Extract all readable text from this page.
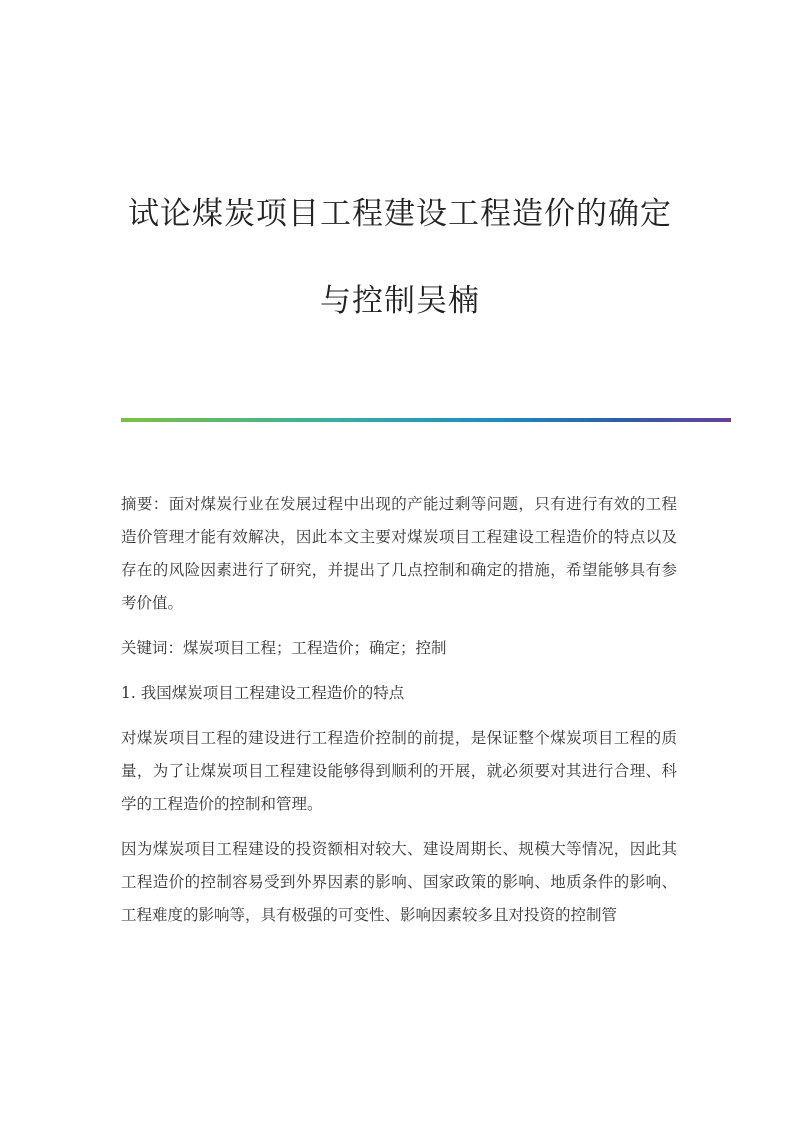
试论煤炭项目工程建设工程造价的确定
与控制吴楠

摘要：面对煤炭行业在发展过程中出现的产能过剩等问题，只有进行有效的工程造价管理才能有效解决，因此本文主要对煤炭项目工程建设工程造价的特点以及存在的风险因素进行了研究，并提出了几点控制和确定的措施，希望能够具有参考价值。

关键词：煤炭项目工程；工程造价；确定；控制

1. 我国煤炭项目工程建设工程造价的特点

对煤炭项目工程的建设进行工程造价控制的前提，是保证整个煤炭项目工程的质量，为了让煤炭项目工程建设能够得到顺利的开展，就必须要对其进行合理、科学的工程造价的控制和管理。

因为煤炭项目工程建设的投资额相对较大、建设周期长、规模大等情况，因此其工程造价的控制容易受到外界因素的影响、国家政策的影响、地质条件的影响、工程难度的影响等，具有极强的可变性、影响因素较多且对投资的控制管
